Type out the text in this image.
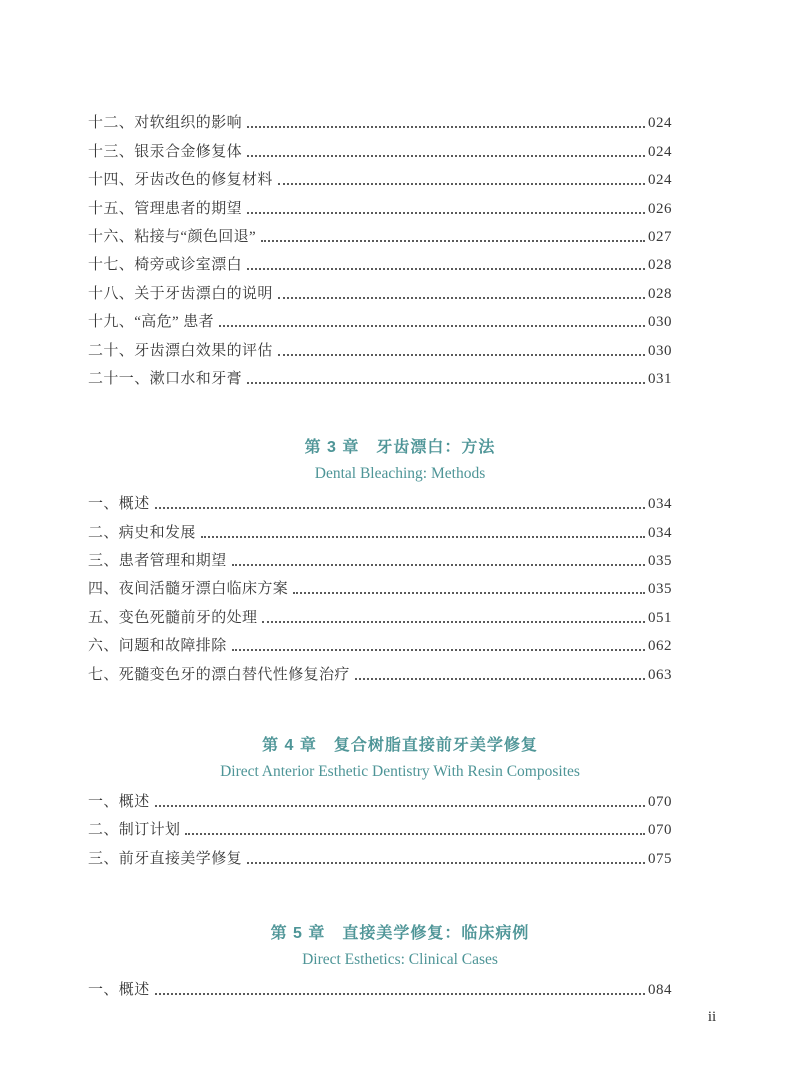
十二、对软组织的影响	024
十三、银汞合金修复体	024
十四、牙齿改色的修复材料	024
十五、管理患者的期望	026
十六、粘接与“颜色回退”	027
十七、椅旁或诊室漂白	028
十八、关于牙齿漂白的说明	028
十九、“高危” 患者	030
二十、牙齿漂白效果的评估	030
二十一、漱口水和牙膏	031
第 3 章　牙齿漂白：方法
Dental Bleaching: Methods
一、概述	034
二、病史和发展	034
三、患者管理和期望	035
四、夜间活髓牙漂白临床方案	035
五、变色死髓前牙的处理	051
六、问题和故障排除	062
七、死髓变色牙的漂白替代性修复治疗	063
第 4 章　复合树脂直接前牙美学修复
Direct Anterior Esthetic Dentistry With Resin Composites
一、概述	070
二、制订计划	070
三、前牙直接美学修复	075
第 5 章　直接美学修复：临床病例
Direct Esthetics: Clinical Cases
一、概述	084
ii
